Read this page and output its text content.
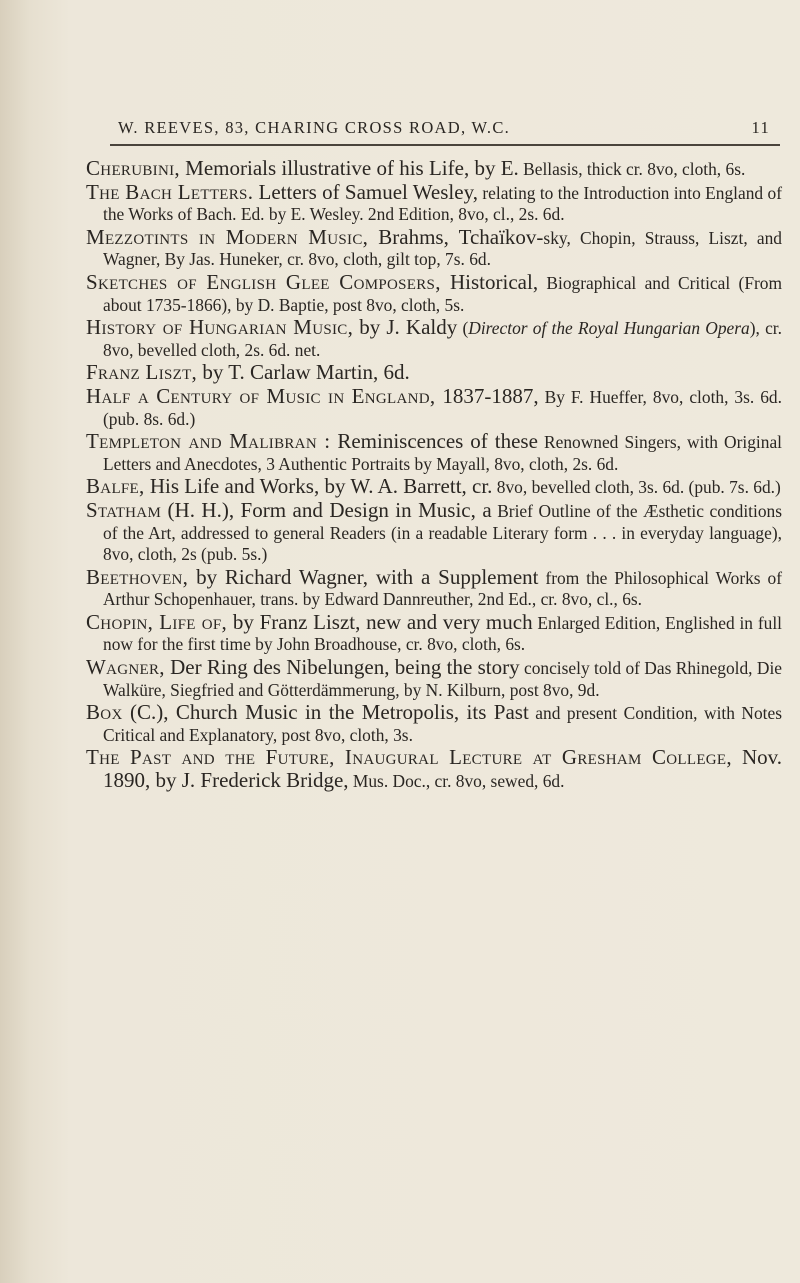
W. REEVES, 83, CHARING CROSS ROAD, W.C.	11

Cherubini, Memorials illustrative of his Life, by E. Bellasis, thick cr. 8vo, cloth, 6s.

The Bach Letters. Letters of Samuel Wesley, relating to the Introduction into England of the Works of Bach. Ed. by E. Wesley. 2nd Edition, 8vo, cl., 2s. 6d.

Mezzotints in Modern Music, Brahms, Tchaïkov-sky, Chopin, Strauss, Liszt, and Wagner, By Jas. Huneker, cr. 8vo, cloth, gilt top, 7s. 6d.

Sketches of English Glee Composers, Historical, Biographical and Critical (From about 1735-1866), by D. Baptie, post 8vo, cloth, 5s.

History of Hungarian Music, by J. Kaldy (Director of the Royal Hungarian Opera), cr. 8vo, bevelled cloth, 2s. 6d. net.

Franz Liszt, by T. Carlaw Martin, 6d.

Half a Century of Music in England, 1837-1887, By F. Hueffer, 8vo, cloth, 3s. 6d. (pub. 8s. 6d.)

Templeton and Malibran : Reminiscences of these Renowned Singers, with Original Letters and Anecdotes, 3 Authentic Portraits by Mayall, 8vo, cloth, 2s. 6d.

Balfe, His Life and Works, by W. A. Barrett, cr. 8vo, bevelled cloth, 3s. 6d. (pub. 7s. 6d.)

Statham (H. H.), Form and Design in Music, a Brief Outline of the Æsthetic conditions of the Art, addressed to general Readers (in a readable Literary form . . . in everyday language), 8vo, cloth, 2s (pub. 5s.)

Beethoven, by Richard Wagner, with a Supplement from the Philosophical Works of Arthur Schopenhauer, trans. by Edward Dannreuther, 2nd Ed., cr. 8vo, cl., 6s.

Chopin, Life of, by Franz Liszt, new and very much Enlarged Edition, Englished in full now for the first time by John Broadhouse, cr. 8vo, cloth, 6s.

Wagner, Der Ring des Nibelungen, being the story concisely told of Das Rhinegold, Die Walküre, Siegfried and Götterdämmerung, by N. Kilburn, post 8vo, 9d.

Box (C.), Church Music in the Metropolis, its Past and present Condition, with Notes Critical and Explanatory, post 8vo, cloth, 3s.

The Past and the Future, Inaugural Lecture at Gresham College, Nov. 1890, by J. Frederick Bridge, Mus. Doc., cr. 8vo, sewed, 6d.
